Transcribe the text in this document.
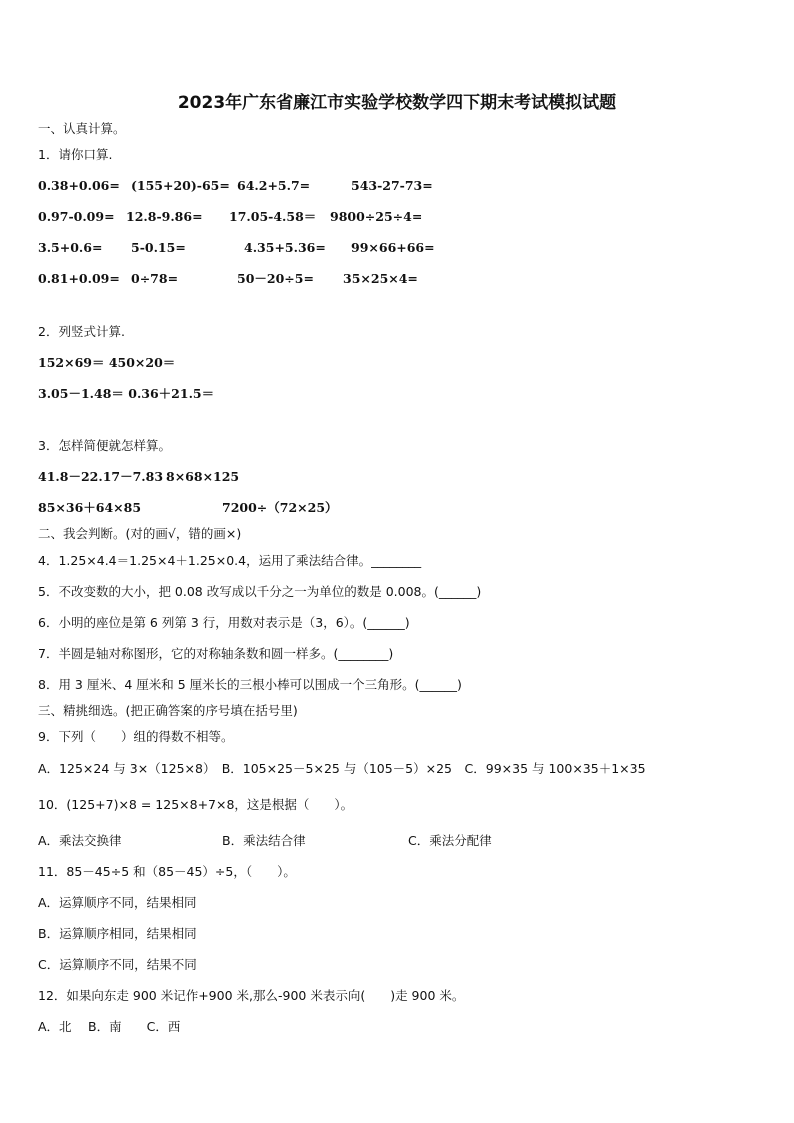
2023年广东省廉江市实验学校数学四下期末考试模拟试题
一、认真计算。
1．请你口算.
0.38+0.06= (155+20)-65= 64.2+5.7=	543-27-73=
0.97-0.09= 12.8-9.86= 17.05-4.58＝ 9800÷25÷4=
3.5+0.6= 5-0.15=	4.35+5.36= 99×66+66=
0.81+0.09= 0÷78=	50－20÷5= 35×25×4=
2．列竖式计算.
152×69＝ 450×20＝
3.05－1.48＝ 0.36＋21.5＝
3．怎样简便就怎样算。
41.8－22.17－7.83 8×68×125
85×36＋64×85	7200÷（72×25）
二、我会判断。(对的画√，错的画×)
4．1.25×4.4＝1.25×4＋1.25×0.4，运用了乘法结合律。________
5．不改变数的大小，把 0.08 改写成以千分之一为单位的数是 0.008。(______)
6．小明的座位是第 6 列第 3 行，用数对表示是（3，6）。(______)
7．半圆是轴对称图形，它的对称轴条数和圆一样多。(________)
8．用 3 厘米、4 厘米和 5 厘米长的三根小棒可以围成一个三角形。(______)
三、精挑细选。(把正确答案的序号填在括号里)
9．下列（　　）组的得数不相等。
A．125×24 与 3×（125×8）　B．105×25－5×25 与（105－5）×25　C．99×35 与 100×35＋1×35
10．(125+7)×8 = 125×8+7×8，这是根据（　　）。
A．乘法交换律	B．乘法结合律	C．乘法分配律
11．85－45÷5 和（85－45）÷5，（　　）。
A．运算顺序不同，结果相同
B．运算顺序相同，结果相同
C．运算顺序不同，结果不同
12．如果向东走 900 米记作+900 米,那么-900 米表示向(　　)走 900 米。
A．北　 B．南　　C．西
